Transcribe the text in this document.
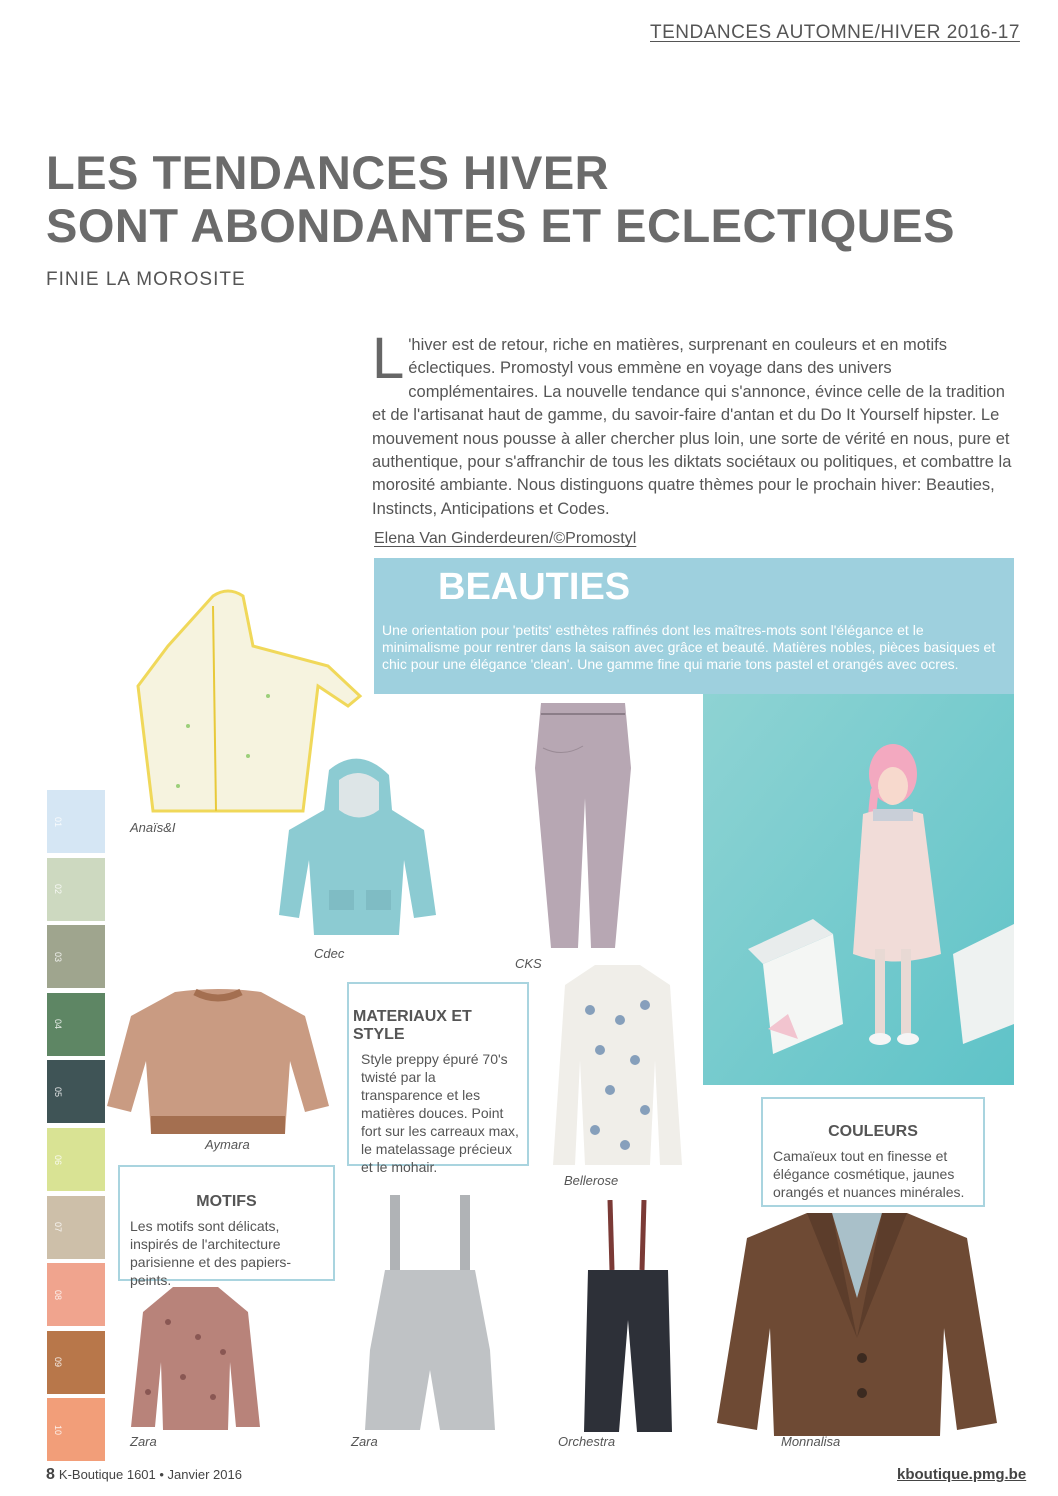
TENDANCES AUTOMNE/HIVER 2016-17
LES TENDANCES HIVER
SONT ABONDANTES ET ECLECTIQUES
FINIE LA MOROSITE
L 'hiver est de retour, riche en matières, surprenant en couleurs et en motifs éclectiques. Promostyl vous emmène en voyage dans des univers complémentaires. La nouvelle tendance qui s'annonce, évince celle de la tradition et de l'artisanat haut de gamme, du savoir-faire d'antan et du Do It Yourself hipster. Le mouvement nous pousse à aller chercher plus loin, une sorte de vérité en nous, pure et authentique, pour s'affranchir de tous les diktats sociétaux ou politiques, et combattre la morosité ambiante. Nous distinguons quatre thèmes pour le prochain hiver: Beauties, Instincts, Anticipations et Codes.
Elena Van Ginderdeuren/©Promostyl
BEAUTIES

Une orientation pour 'petits' esthètes raffinés dont les maîtres-mots sont l'élégance et le minimalisme pour rentrer dans la saison avec grâce et beauté. Matières nobles, pièces basiques et chic pour une élégance 'clean'. Une gamme fine qui marie tons pastel et orangés avec ocres.

Anaïs&I
Cdec
CKS
Aymara
Bellerose
Zara	Zara	Orchestra	Monnalisa
MATERIAUX ET STYLE

Style preppy épuré 70's twisté par la transparence et les matières douces. Point fort sur les carreaux max, le matelassage précieux et le mohair.

MOTIFS

Les motifs sont délicats, inspirés de l'architecture parisienne et des papiers-peints.

COULEURS

Camaïeux tout en finesse et élégance cosmétique, jaunes orangés et nuances minérales.

01
02
03
04
05
06
07
08
09
10
8 K-Boutique 1601 • Janvier 2016	kboutique.pmg.be
